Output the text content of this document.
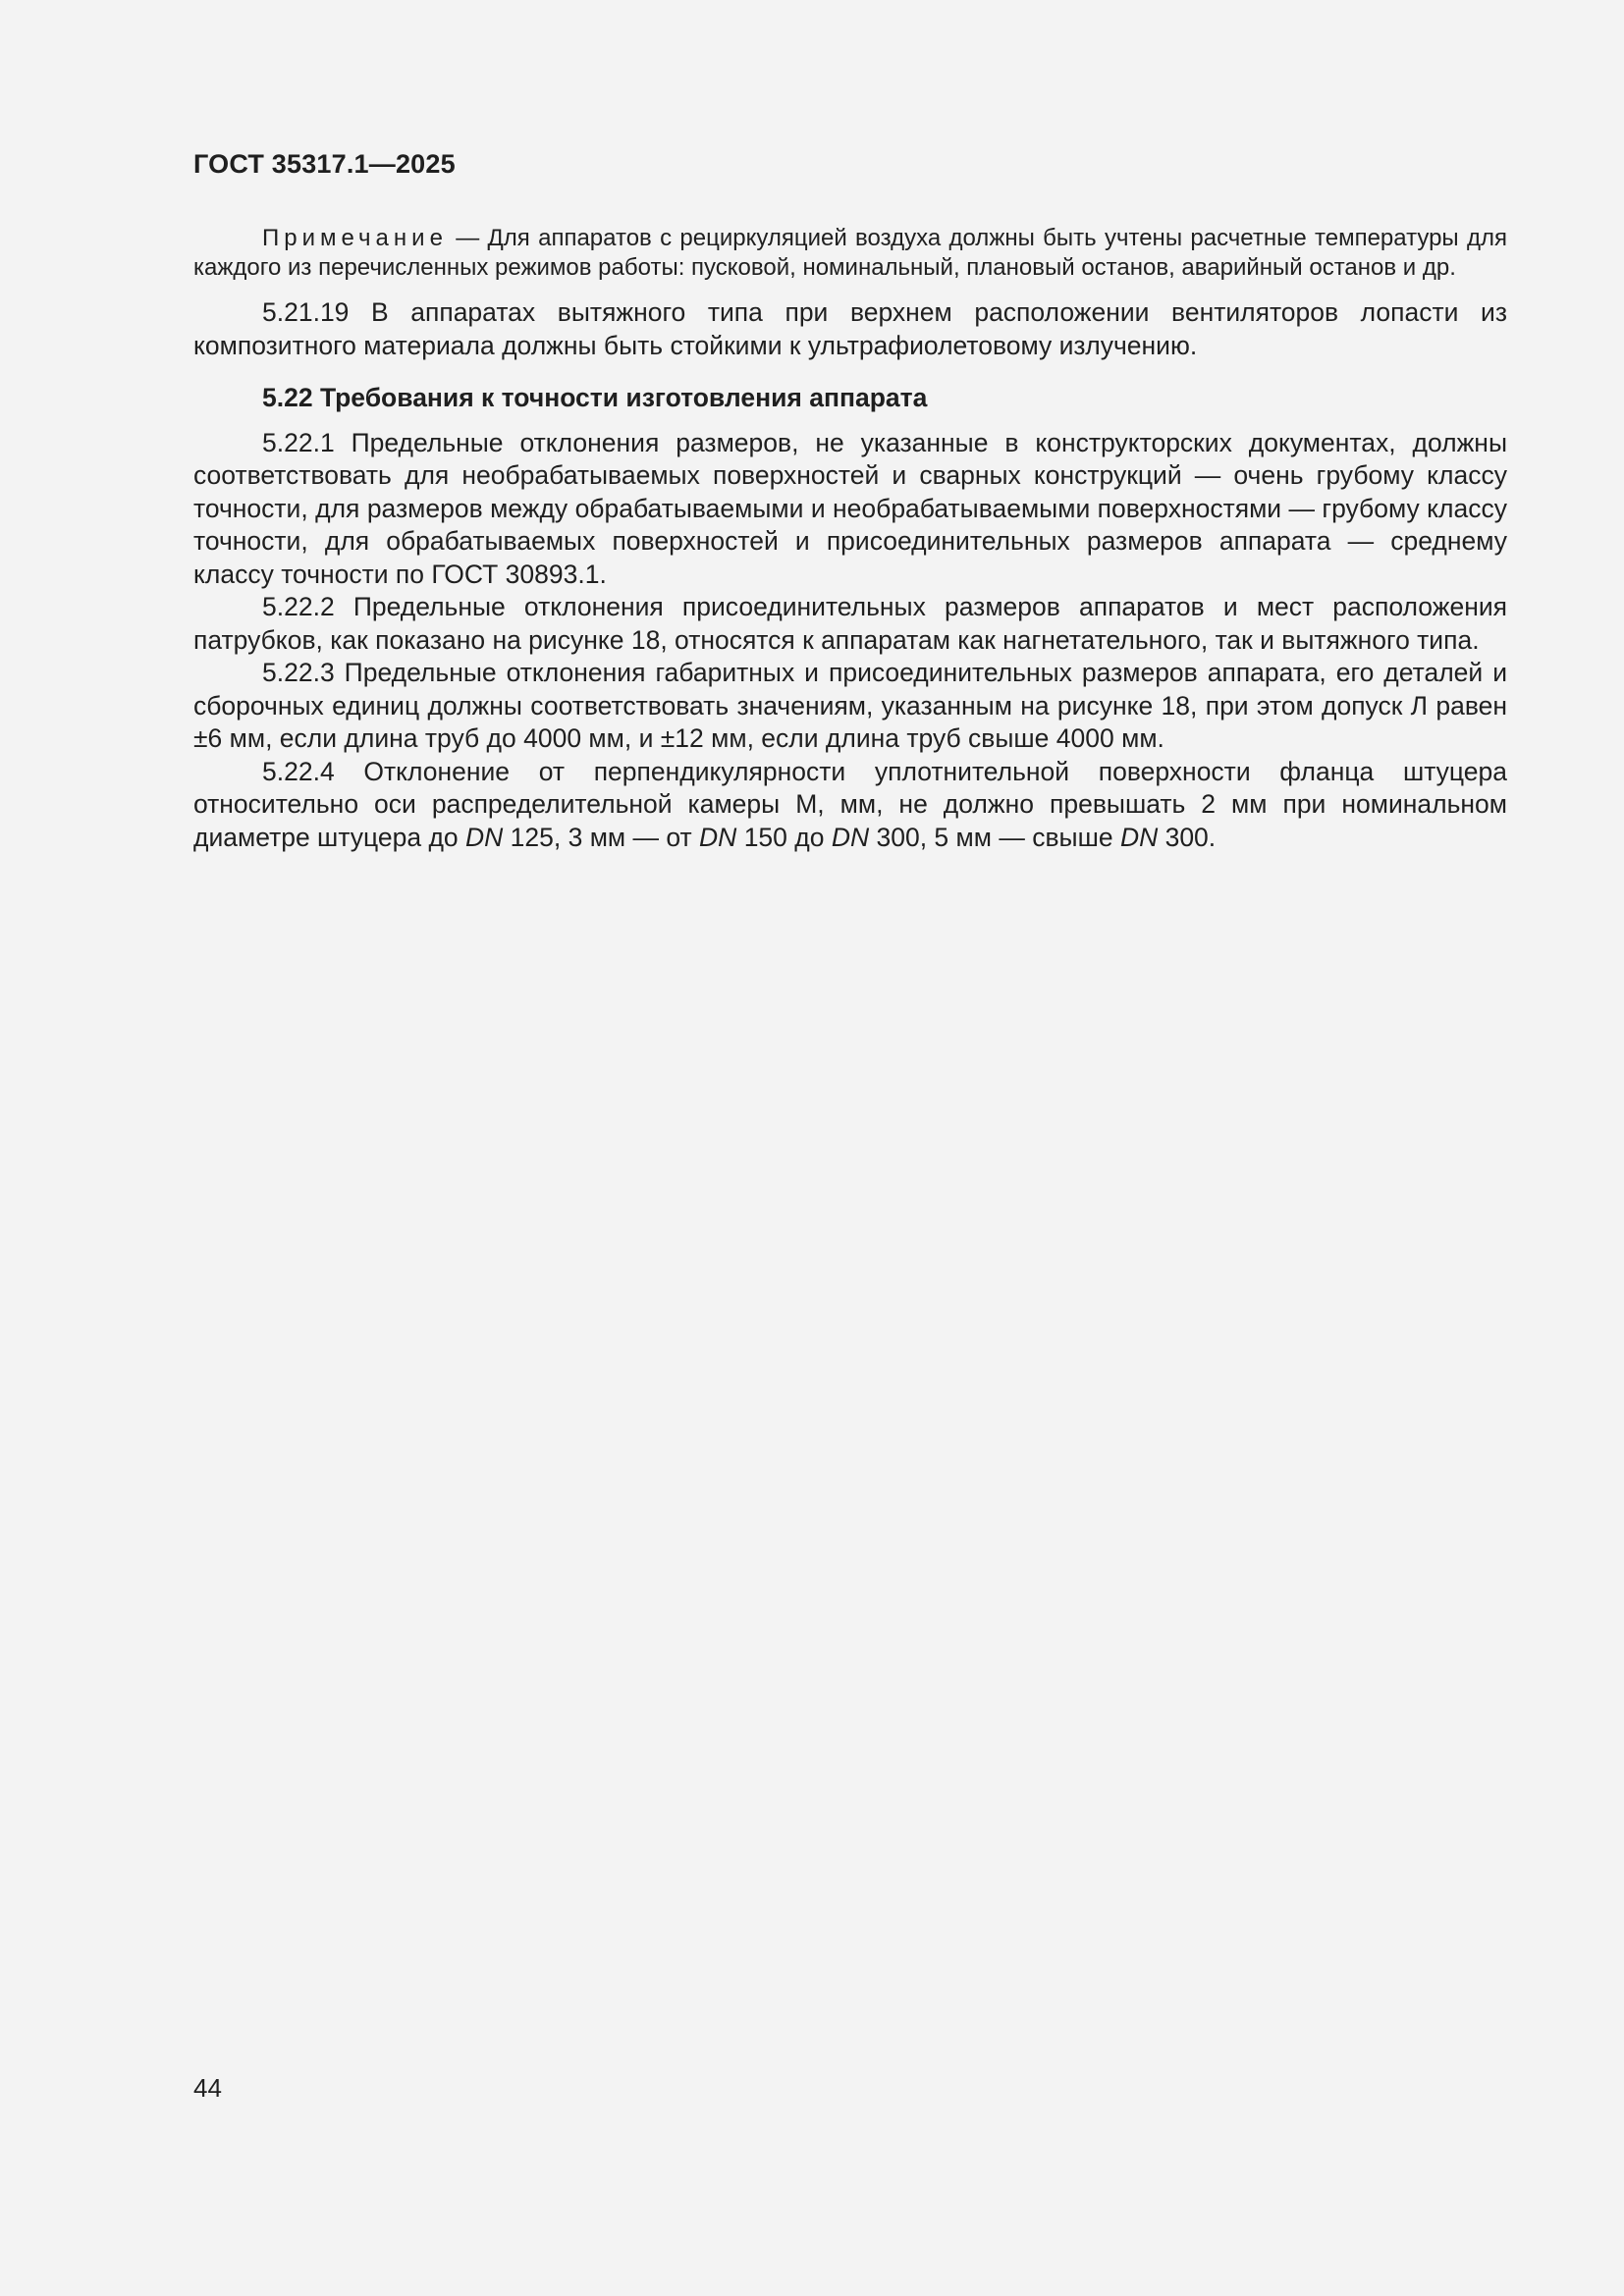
ГОСТ 35317.1—2025

Примечание — Для аппаратов с рециркуляцией воздуха должны быть учтены расчетные температуры для каждого из перечисленных режимов работы: пусковой, номинальный, плановый останов, аварийный останов и др.

5.21.19 В аппаратах вытяжного типа при верхнем расположении вентиляторов лопасти из композитного материала должны быть стойкими к ультрафиолетовому излучению.

5.22 Требования к точности изготовления аппарата

5.22.1 Предельные отклонения размеров, не указанные в конструкторских документах, должны соответствовать для необрабатываемых поверхностей и сварных конструкций — очень грубому классу точности, для размеров между обрабатываемыми и необрабатываемыми поверхностями — грубому классу точности, для обрабатываемых поверхностей и присоединительных размеров аппарата — среднему классу точности по ГОСТ 30893.1.

5.22.2 Предельные отклонения присоединительных размеров аппаратов и мест расположения патрубков, как показано на рисунке 18, относятся к аппаратам как нагнетательного, так и вытяжного типа.

5.22.3 Предельные отклонения габаритных и присоединительных размеров аппарата, его деталей и сборочных единиц должны соответствовать значениям, указанным на рисунке 18, при этом допуск Л равен ±6 мм, если длина труб до 4000 мм, и ±12 мм, если длина труб свыше 4000 мм.

5.22.4 Отклонение от перпендикулярности уплотнительной поверхности фланца штуцера относительно оси распределительной камеры М, мм, не должно превышать 2 мм при номинальном диаметре штуцера до DN 125, 3 мм — от DN 150 до DN 300, 5 мм — свыше DN 300.

44
